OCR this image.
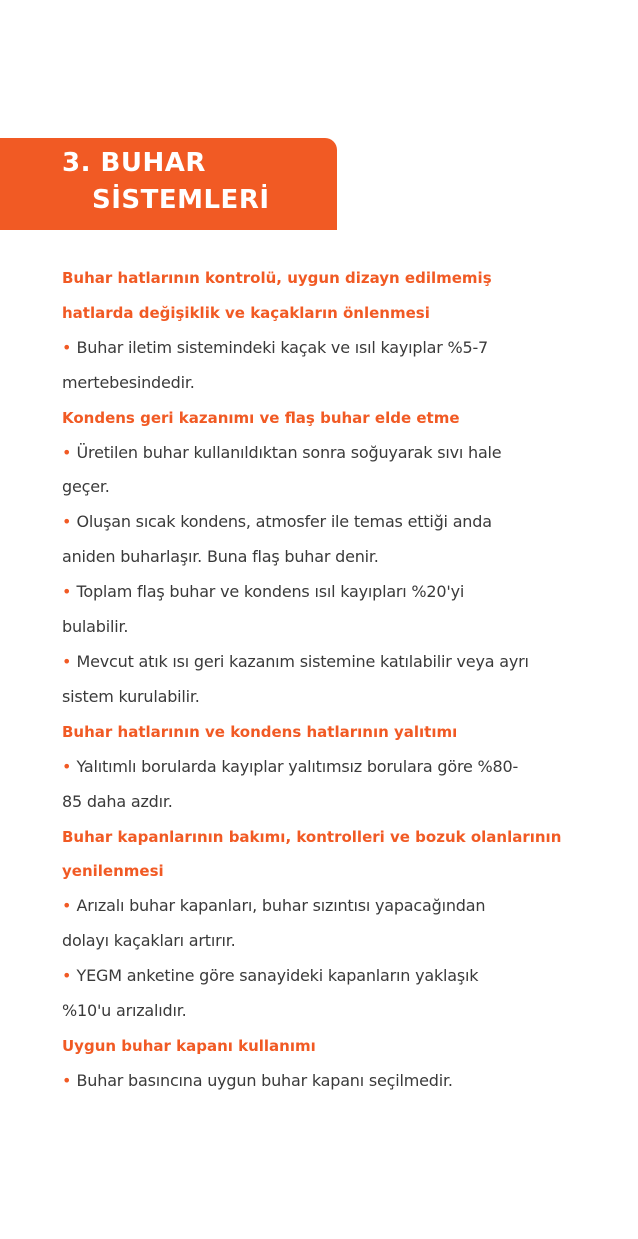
3. BUHAR
SİSTEMLERİ
Buhar hatlarının kontrolü, uygun dizayn edilmemiş
hatlarda değişiklik ve kaçakların önlenmesi
• Buhar iletim sistemindeki kaçak ve ısıl kayıplar %5-7
mertebesindedir.
Kondens geri kazanımı ve flaş buhar elde etme
• Üretilen buhar kullanıldıktan sonra soğuyarak sıvı hale
geçer.
• Oluşan sıcak kondens, atmosfer ile temas ettiği anda
aniden buharlaşır. Buna flaş buhar denir.
• Toplam flaş buhar ve kondens ısıl kayıpları %20'yi
bulabilir.
• Mevcut atık ısı geri kazanım sistemine katılabilir veya ayrı
sistem kurulabilir.
Buhar hatlarının ve kondens hatlarının yalıtımı
• Yalıtımlı borularda kayıplar yalıtımsız borulara göre %80-
85 daha azdır.
Buhar kapanlarının bakımı, kontrolleri ve bozuk olanlarının
yenilenmesi
• Arızalı buhar kapanları, buhar sızıntısı yapacağından
dolayı kaçakları artırır.
• YEGM anketine göre sanayideki kapanların yaklaşık
%10'u arızalıdır.
Uygun buhar kapanı kullanımı
• Buhar basıncına uygun buhar kapanı seçilmedir.
